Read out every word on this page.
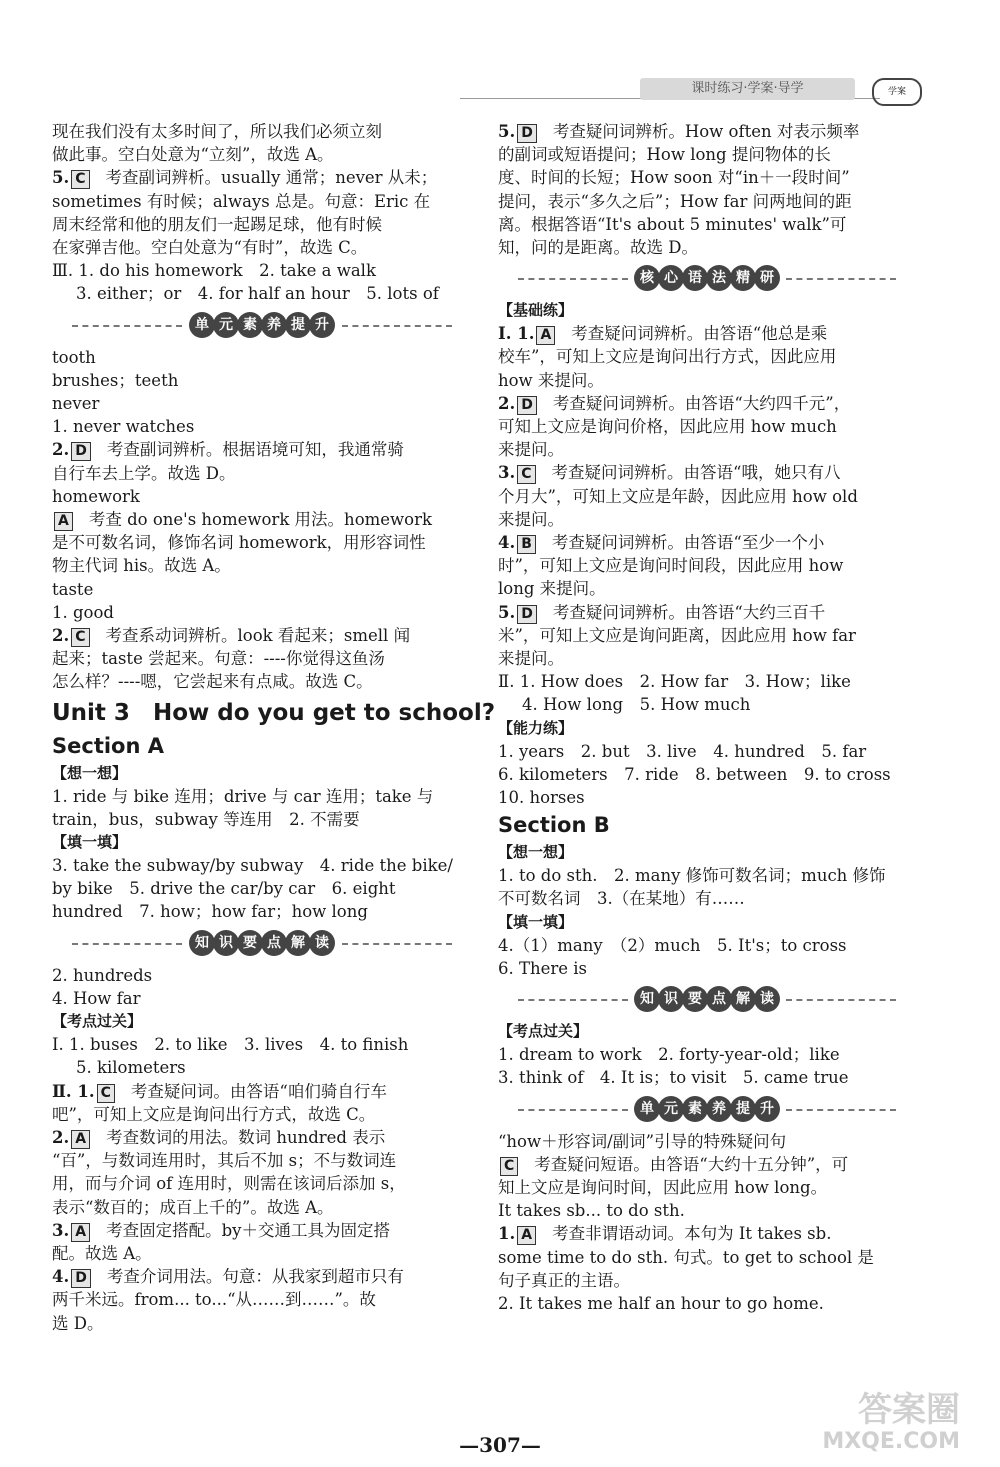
课时练习·学案·导学	学案
现在我们没有太多时间了，所以我们必须立刻
做此事。空白处意为“立刻”，故选 A。
5. C 考查副词辨析。usually 通常；never 从未；
sometimes 有时候；always 总是。句意：Eric 在
周末经常和他的朋友们一起踢足球，他有时候
在家弹吉他。空白处意为“有时”，故选 C。
Ⅲ. 1. do his homework　2. take a walk
3. either；or　4. for half an hour　5. lots of
单 元 素 养 提 升
tooth
brushes；teeth
never
1. never watches
2. D 考查副词辨析。根据语境可知，我通常骑
自行车去上学。故选 D。
homework
A 考查 do one's homework 用法。homework
是不可数名词，修饰名词 homework，用形容词性
物主代词 his。故选 A。
taste
1. good
2. C 考查系动词辨析。look 看起来；smell 闻
起来；taste 尝起来。句意：----你觉得这鱼汤
怎么样？----嗯，它尝起来有点咸。故选 C。
Unit 3　How do you get to school?
Section A
【想一想】
1. ride 与 bike 连用；drive 与 car 连用；take 与
train，bus，subway 等连用　2. 不需要
【填一填】
3. take the subway/by subway　4. ride the bike/
by bike　5. drive the car/by car　6. eight
hundred　7. how；how far；how long
知 识 要 点 解 读
2. hundreds
4. How far
【考点过关】
Ⅰ. 1. buses　2. to like　3. lives　4. to finish
5. kilometers
Ⅱ. 1. C 考查疑问词。由答语“咱们骑自行车
吧”，可知上文应是询问出行方式，故选 C。
2. A 考查数词的用法。数词 hundred 表示
“百”，与数词连用时，其后不加 s；不与数词连
用，而与介词 of 连用时，则需在该词后添加 s，
表示“数百的；成百上千的”。故选 A。
3. A 考查固定搭配。by＋交通工具为固定搭
配。故选 A。
4. D 考查介词用法。句意：从我家到超市只有
两千米远。from... to...“从……到……”。故
选 D。
5. D 考查疑问词辨析。How often 对表示频率
的副词或短语提问；How long 提问物体的长
度、时间的长短；How soon 对“in＋一段时间”
提问，表示“多久之后”；How far 问两地间的距
离。根据答语“It's about 5 minutes' walk”可
知，问的是距离。故选 D。
核 心 语 法 精 研
【基础练】
Ⅰ. 1. A 考查疑问词辨析。由答语“他总是乘
校车”，可知上文应是询问出行方式，因此应用
how 来提问。
2. D 考查疑问词辨析。由答语“大约四千元”，
可知上文应是询问价格，因此应用 how much
来提问。
3. C 考查疑问词辨析。由答语“哦，她只有八
个月大”，可知上文应是年龄，因此应用 how old
来提问。
4. B 考查疑问词辨析。由答语“至少一个小
时”，可知上文应是询问时间段，因此应用 how
long 来提问。
5. D 考查疑问词辨析。由答语“大约三百千
米”，可知上文应是询问距离，因此应用 how far
来提问。
Ⅱ. 1. How does　2. How far　3. How；like
4. How long　5. How much
【能力练】
1. years　2. but　3. live　4. hundred　5. far
6. kilometers　7. ride　8. between　9. to cross
10. horses
Section B
【想一想】
1. to do sth.　2. many 修饰可数名词；much 修饰
不可数名词　3.（在某地）有……
【填一填】
4.（1）many　（2）much　5. It's；to cross
6. There is
知 识 要 点 解 读
【考点过关】
1. dream to work　2. forty-year-old；like
3. think of　4. It is；to visit　5. came true
单 元 素 养 提 升
“how＋形容词/副词”引导的特殊疑问句
C 考查疑问短语。由答语“大约十五分钟”，可
知上文应是询问时间，因此应用 how long。
It takes sb... to do sth.
1. A 考查非谓语动词。本句为 It takes sb.
some time to do sth. 句式。to get to school 是
句子真正的主语。
2. It takes me half an hour to go home.
—307—
答案圈
MXQE.COM
